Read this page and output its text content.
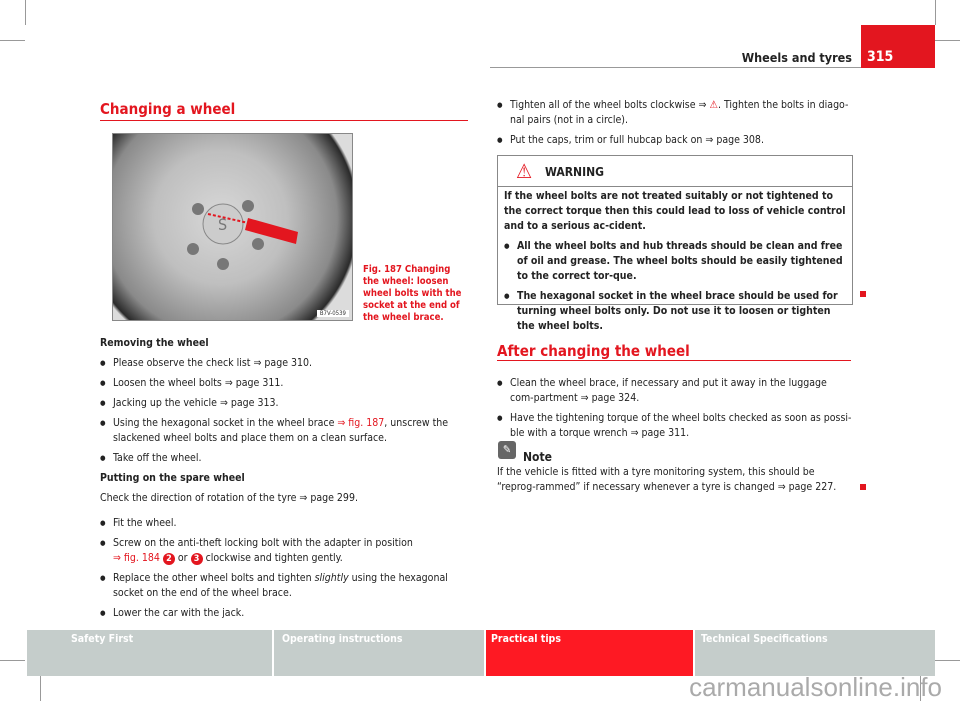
Wheels and tyres	315
Changing a wheel
S
B7V-0539
Fig. 187 Changing the wheel: loosen wheel bolts with the socket at the end of the wheel brace.
Removing the wheel
● Please observe the check list ⇒ page 310.
● Loosen the wheel bolts ⇒ page 311.
● Jacking up the vehicle ⇒ page 313.
● Using the hexagonal socket in the wheel brace ⇒ fig. 187, unscrew the slackened wheel bolts and place them on a clean surface.
● Take off the wheel.
Putting on the spare wheel
Check the direction of rotation of the tyre ⇒ page 299.
● Fit the wheel.
● Screw on the anti-theft locking bolt with the adapter in position
⇒ fig. 184 2 or 3 clockwise and tighten gently.
● Replace the other wheel bolts and tighten slightly using the hexagonal socket on the end of the wheel brace.
● Lower the car with the jack.
● Tighten all of the wheel bolts clockwise ⇒ ⚠. Tighten the bolts in diago-nal pairs (not in a circle).
● Put the caps, trim or full hubcap back on ⇒ page 308.
⚠ WARNING
If the wheel bolts are not treated suitably or not tightened to the correct torque then this could lead to loss of vehicle control and to a serious ac-cident.
● All the wheel bolts and hub threads should be clean and free of oil and grease. The wheel bolts should be easily tightened to the correct tor-que.
● The hexagonal socket in the wheel brace should be used for turning wheel bolts only. Do not use it to loosen or tighten the wheel bolts.
After changing the wheel
● Clean the wheel brace, if necessary and put it away in the luggage com-partment ⇒ page 324.
● Have the tightening torque of the wheel bolts checked as soon as possi-ble with a torque wrench ⇒ page 311.
✎
Note
If the vehicle is fitted with a tyre monitoring system, this should be “reprog-rammed” if necessary whenever a tyre is changed ⇒ page 227.
Safety First	Operating instructions	Practical tips	Technical Specifications
carmanualsonline.info
